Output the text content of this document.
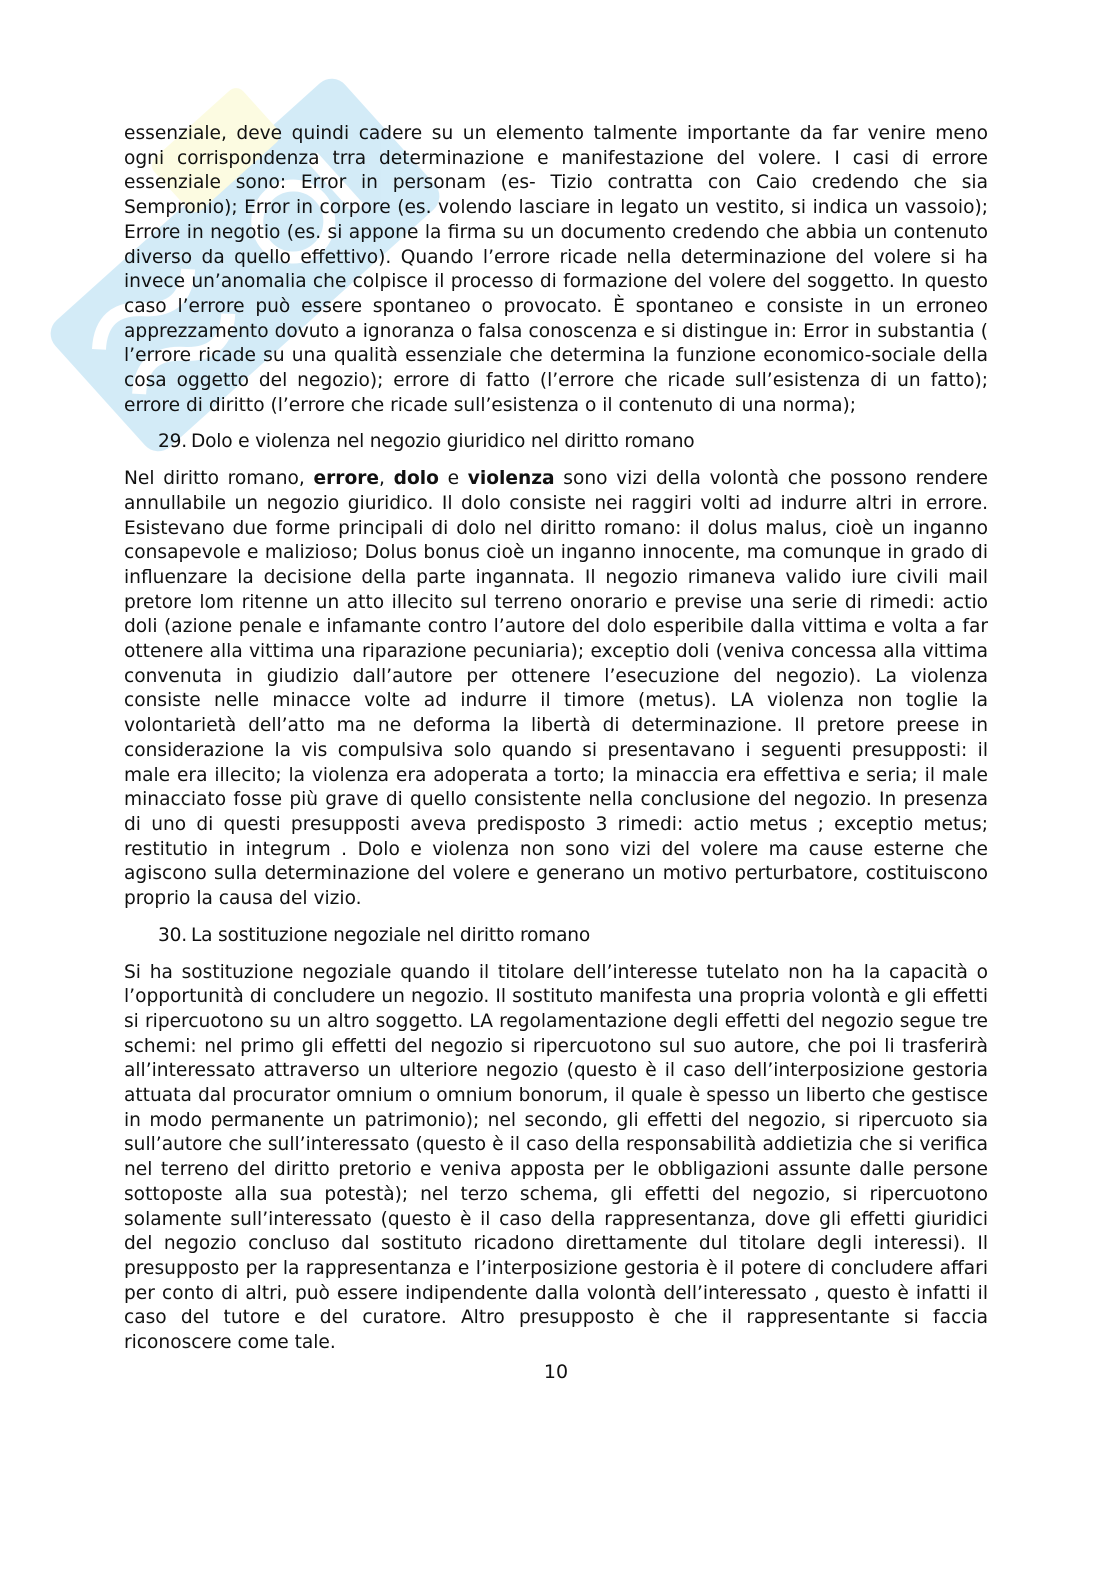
essenziale, deve quindi cadere su un elemento talmente importante da far venire meno ogni corrispondenza trra determinazione e manifestazione del volere. I casi di errore essenziale sono: Error in personam (es- Tizio contratta con Caio credendo che sia Sempronio); Error in corpore (es. volendo lasciare in legato un vestito, si indica un vassoio); Errore in negotio (es. si appone la firma su un documento credendo che abbia un contenuto diverso da quello effettivo). Quando l’errore ricade nella determinazione del volere si ha invece un’anomalia che colpisce il processo di formazione del volere del soggetto. In questo caso l’errore può essere spontaneo o provocato. È spontaneo e consiste in un erroneo apprezzamento dovuto a ignoranza o falsa conoscenza e si distingue in: Error in substantia ( l’errore ricade su una qualità essenziale che determina la funzione economico-sociale della cosa oggetto del negozio); errore di fatto (l’errore che ricade sull’esistenza di un fatto); errore di diritto (l’errore che ricade sull’esistenza o il contenuto di una norma);

29. Dolo e violenza nel negozio giuridico nel diritto romano

Nel diritto romano, errore, dolo e violenza sono vizi della volontà che possono rendere annullabile un negozio giuridico. Il dolo consiste nei raggiri volti ad indurre altri in errore. Esistevano due forme principali di dolo nel diritto romano: il dolus malus, cioè un inganno consapevole e malizioso; Dolus bonus cioè un inganno innocente, ma comunque in grado di influenzare la decisione della parte ingannata. Il negozio rimaneva valido iure civili mail pretore lom ritenne un atto illecito sul terreno onorario e previse una serie di rimedi: actio doli (azione penale e infamante contro l’autore del dolo esperibile dalla vittima e volta a far ottenere alla vittima una riparazione pecuniaria); exceptio doli (veniva concessa alla vittima convenuta in giudizio dall’autore per ottenere l’esecuzione del negozio). La violenza consiste nelle minacce volte ad indurre il timore (metus). LA violenza non toglie la volontarietà dell’atto ma ne deforma la libertà di determinazione. Il pretore preese in considerazione la vis compulsiva solo quando si presentavano i seguenti presupposti: il male era illecito; la violenza era adoperata a torto; la minaccia era effettiva e seria; il male minacciato fosse più grave di quello consistente nella conclusione del negozio. In presenza di uno di questi presupposti aveva predisposto 3 rimedi: actio metus ; exceptio metus; restitutio in integrum . Dolo e violenza non sono vizi del volere ma cause esterne che agiscono sulla determinazione del volere e generano un motivo perturbatore, costituiscono proprio la causa del vizio.

30. La sostituzione negoziale nel diritto romano

Si ha sostituzione negoziale quando il titolare dell’interesse tutelato non ha la capacità o l’opportunità di concludere un negozio. Il sostituto manifesta una propria volontà e gli effetti si ripercuotono su un altro soggetto. LA regolamentazione degli effetti del negozio segue tre schemi: nel primo gli effetti del negozio si ripercuotono sul suo autore, che poi li trasferirà all’interessato attraverso un ulteriore negozio (questo è il caso dell’interposizione gestoria attuata dal procurator omnium o omnium bonorum, il quale è spesso un liberto che gestisce in modo permanente un patrimonio); nel secondo, gli effetti del negozio, si ripercuoto sia sull’autore che sull’interessato (questo è il caso della responsabilità addietizia che si verifica nel terreno del diritto pretorio e veniva apposta per le obbligazioni assunte dalle persone sottoposte alla sua potestà); nel terzo schema, gli effetti del negozio, si ripercuotono solamente sull’interessato (questo è il caso della rappresentanza, dove gli effetti giuridici del negozio concluso dal sostituto ricadono direttamente dul titolare degli interessi). Il presupposto per la rappresentanza e l’interposizione gestoria è il potere di concludere affari per conto di altri, può essere indipendente dalla volontà dell’interessato , questo è infatti il caso del tutore e del curatore. Altro presupposto è che il rappresentante si faccia riconoscere come tale.

10
